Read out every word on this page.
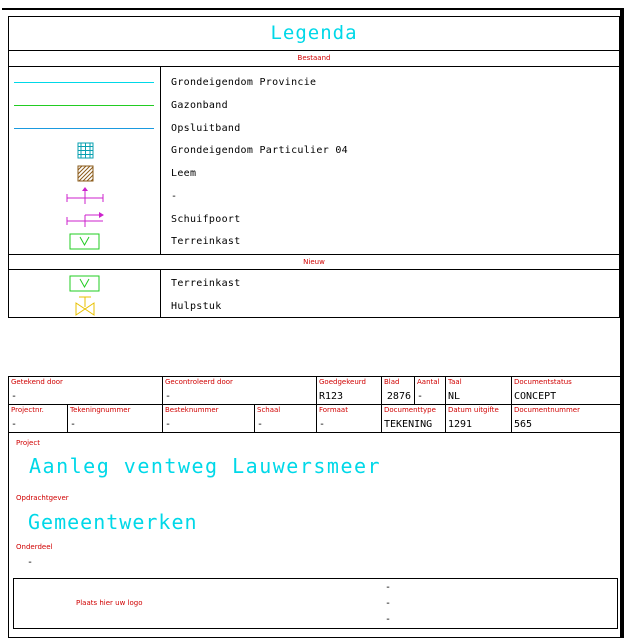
Legenda
Bestaand
Grondeigendom Provincie
Gazonband
Opsluitband
Grondeigendom Particulier 04
Leem
-
Schuifpoort
Terreinkast
Nieuw
Terreinkast
Hulpstuk
Getekend door
-
Gecontroleerd door
-
Goedgekeurd
R123
Blad
2876
Aantal
-
Taal
NL
Documentstatus
CONCEPT
Projectnr.
-
Tekeningnummer
-
Besteknummer
-
Schaal
-
Formaat
-
Documenttype
TEKENING
Datum uitgifte
1291
Documentnummer
565
Project
Aanleg ventweg Lauwersmeer
Opdrachtgever
Gemeentwerken
Onderdeel
-
Plaats hier uw logo
-
-
-
